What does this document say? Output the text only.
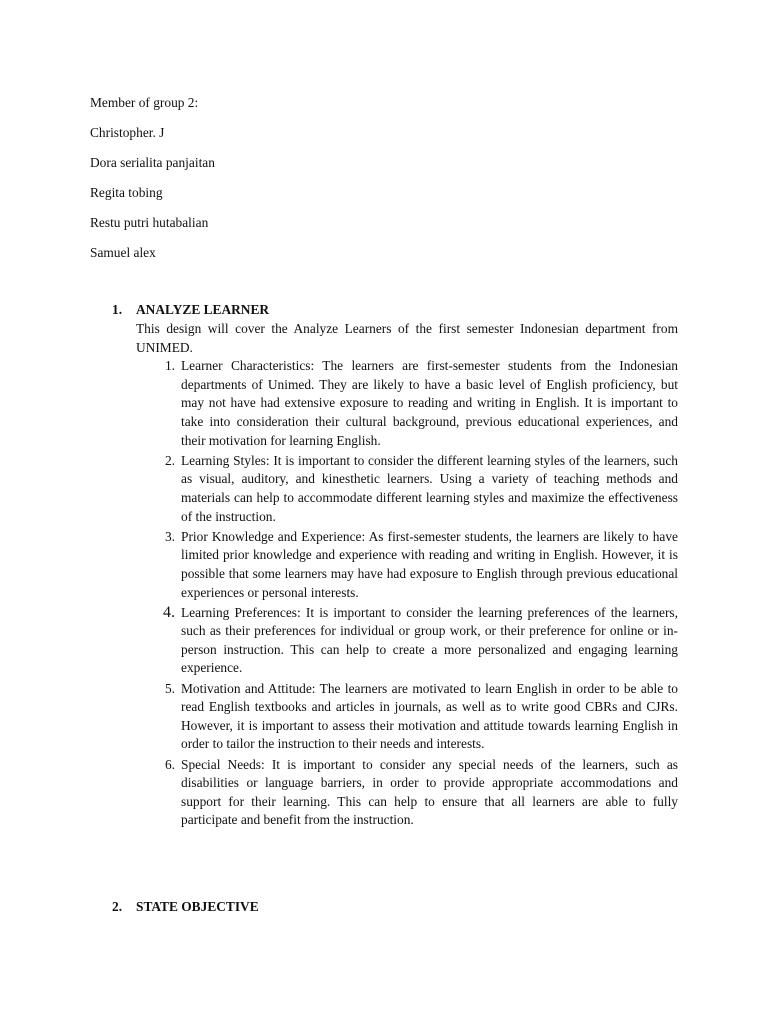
Member of group 2:
Christopher. J
Dora serialita panjaitan
Regita tobing
Restu putri hutabalian
Samuel alex
1.	ANALYZE LEARNER
This design will cover the Analyze Learners of the first semester Indonesian department from UNIMED.
1. Learner Characteristics: The learners are first-semester students from the Indonesian departments of Unimed. They are likely to have a basic level of English proficiency, but may not have had extensive exposure to reading and writing in English. It is important to take into consideration their cultural background, previous educational experiences, and their motivation for learning English.
2. Learning Styles: It is important to consider the different learning styles of the learners, such as visual, auditory, and kinesthetic learners. Using a variety of teaching methods and materials can help to accommodate different learning styles and maximize the effectiveness of the instruction.
3. Prior Knowledge and Experience: As first-semester students, the learners are likely to have limited prior knowledge and experience with reading and writing in English. However, it is possible that some learners may have had exposure to English through previous educational experiences or personal interests.
4. Learning Preferences: It is important to consider the learning preferences of the learners, such as their preferences for individual or group work, or their preference for online or in-person instruction. This can help to create a more personalized and engaging learning experience.
5. Motivation and Attitude: The learners are motivated to learn English in order to be able to read English textbooks and articles in journals, as well as to write good CBRs and CJRs. However, it is important to assess their motivation and attitude towards learning English in order to tailor the instruction to their needs and interests.
6. Special Needs: It is important to consider any special needs of the learners, such as disabilities or language barriers, in order to provide appropriate accommodations and support for their learning. This can help to ensure that all learners are able to fully participate and benefit from the instruction.
2.	STATE OBJECTIVE
